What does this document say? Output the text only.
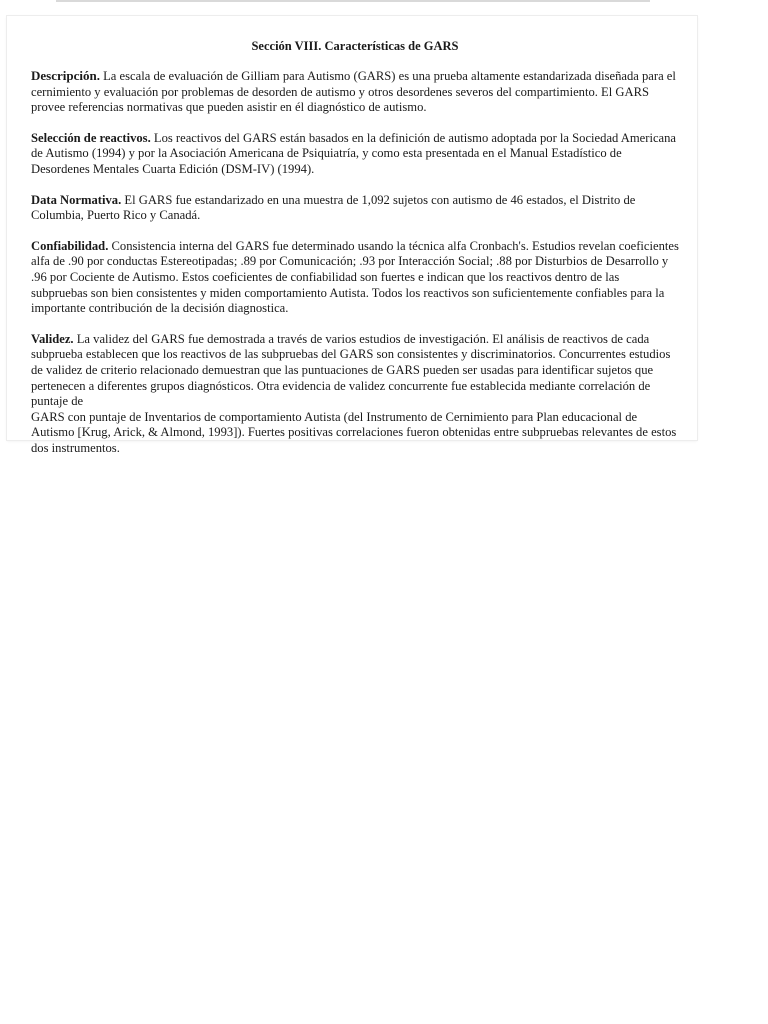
Sección VIII. Características de GARS

Descripción. La escala de evaluación de Gilliam para Autismo (GARS) es una prueba altamente estandarizada diseñada para el cernimiento y evaluación por problemas de desorden de autismo y otros desordenes severos del compartimiento. El GARS provee referencias normativas que pueden asistir en él diagnóstico de autismo.

Selección de reactivos. Los reactivos del GARS están basados en la definición de autismo adoptada por la Sociedad Americana de Autismo (1994) y por la Asociación Americana de Psiquiatría, y como esta presentada en el Manual Estadístico de Desordenes Mentales Cuarta Edición (DSM-IV) (1994).

Data Normativa. El GARS fue estandarizado en una muestra de 1,092 sujetos con autismo de 46 estados, el Distrito de Columbia, Puerto Rico y Canadá.

Confiabilidad. Consistencia interna del GARS fue determinado usando la técnica alfa Cronbach's. Estudios revelan coeficientes alfa de .90 por conductas Estereotipadas; .89 por Comunicación; .93 por Interacción Social; .88 por Disturbios de Desarrollo y .96 por Cociente de Autismo. Estos coeficientes de confiabilidad son fuertes e indican que los reactivos dentro de las subpruebas son bien consistentes y miden comportamiento Autista. Todos los reactivos son suficientemente confiables para la importante contribución de la decisión diagnostica.

Validez. La validez del GARS fue demostrada a través de varios estudios de investigación. El análisis de reactivos de cada subprueba establecen que los reactivos de las subpruebas del GARS son consistentes y discriminatorios. Concurrentes estudios de validez de criterio relacionado demuestran que las puntuaciones de GARS pueden ser usadas para identificar sujetos que pertenecen a diferentes grupos diagnósticos. Otra evidencia de validez concurrente fue establecida mediante correlación de puntaje de
GARS con puntaje de Inventarios de comportamiento Autista (del Instrumento de Cernimiento para Plan educacional de Autismo [Krug, Arick, & Almond, 1993]). Fuertes positivas correlaciones fueron obtenidas entre subpruebas relevantes de estos dos instrumentos.
